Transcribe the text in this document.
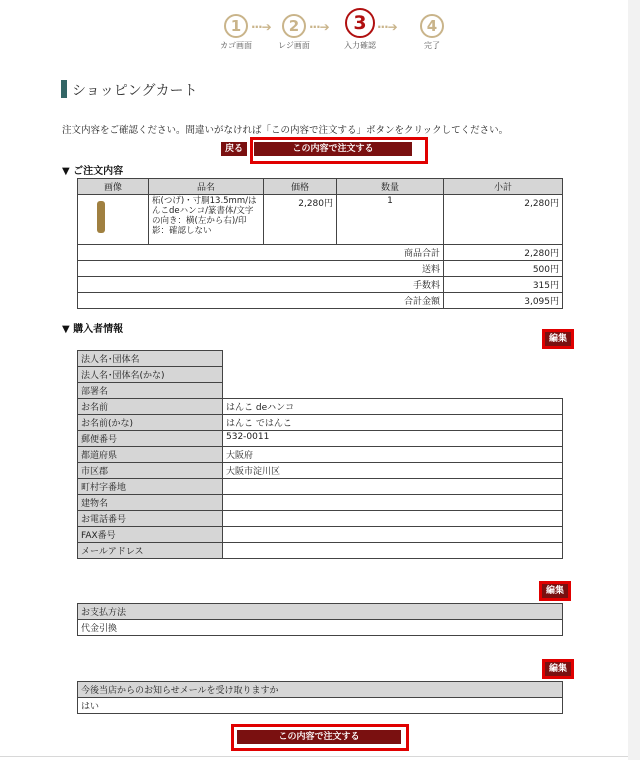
1
カゴ画面
···➔	2
レジ画面
···➔	3
入力確認
···➔	4
完了
ショッピングカート
注文内容をご確認ください。間違いがなければ「この内容で注文する」ボタンをクリックしてください。
戻る	この内容で注文する
▼ ご注文内容
画像	品名	価格	数量	小計
	柘(つげ)・寸胴13.5mm/はんこdeハンコ/篆書体/文字の向き：横(左から右)/印影：確認しない	2,280円	1	2,280円
商品合計				2,280円
送料				500円
手数料				315円
合計金額				3,095円
▼ 購入者情報
編集
法人名･団体名	
法人名･団体名(かな)	
部署名	
お名前	はんこ deハンコ
お名前(かな)	はんこ ではんこ
郵便番号	532-0011
都道府県	大阪府
市区郡	大阪市淀川区
町村字番地	
建物名	
お電話番号	
FAX番号	
メールアドレス	
編集
お支払方法
代金引換
編集
今後当店からのお知らせメールを受け取りますか
はい
この内容で注文する
